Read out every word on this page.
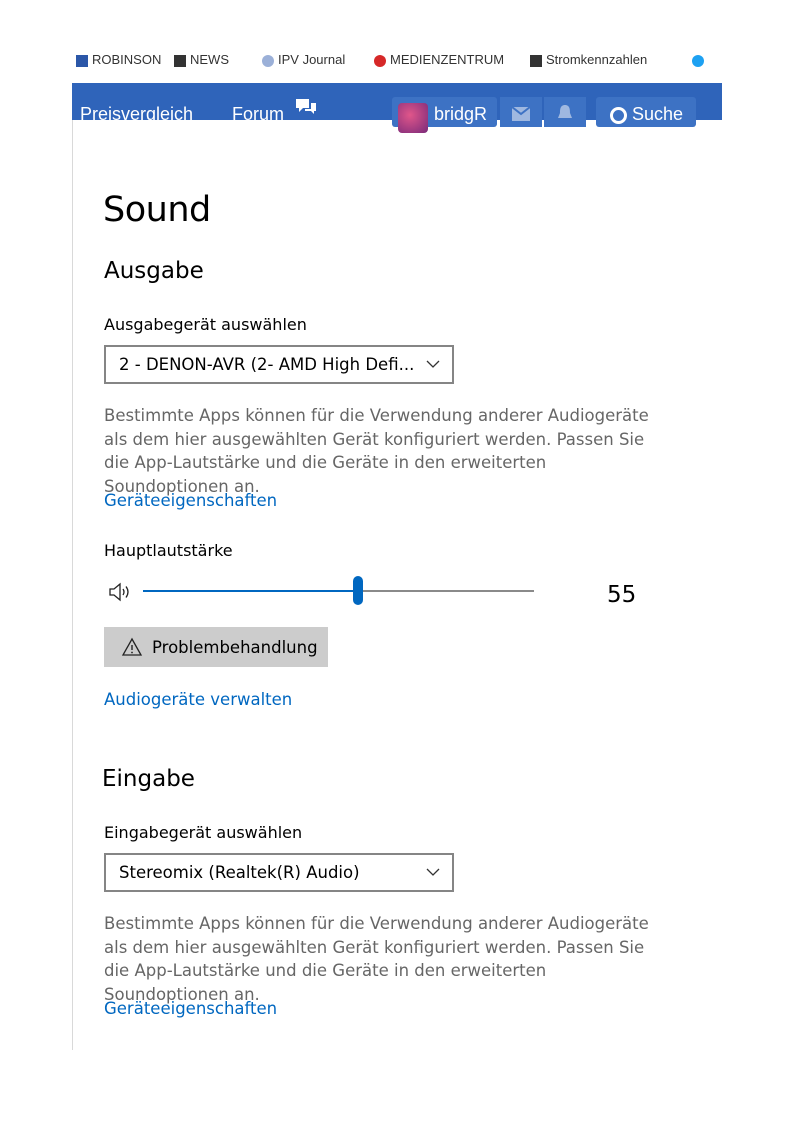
ROBINSON	NEWS	IPV Journal	MEDIENZENTRUM	Stromkennzahlen
Preisvergleich Forum	bridgR	Suche
Sound
Ausgabe
Ausgabegerät auswählen
2 - DENON-AVR (2- AMD High Defi...
Bestimmte Apps können für die Verwendung anderer Audiogeräte als dem hier ausgewählten Gerät konfiguriert werden. Passen Sie die App-Lautstärke und die Geräte in den erweiterten Soundoptionen an.
Geräteeigenschaften
Hauptlautstärke
55
Problembehandlung
Audiogeräte verwalten
Eingabe
Eingabegerät auswählen
Stereomix (Realtek(R) Audio)
Bestimmte Apps können für die Verwendung anderer Audiogeräte als dem hier ausgewählten Gerät konfiguriert werden. Passen Sie die App-Lautstärke und die Geräte in den erweiterten Soundoptionen an.
Geräteeigenschaften
